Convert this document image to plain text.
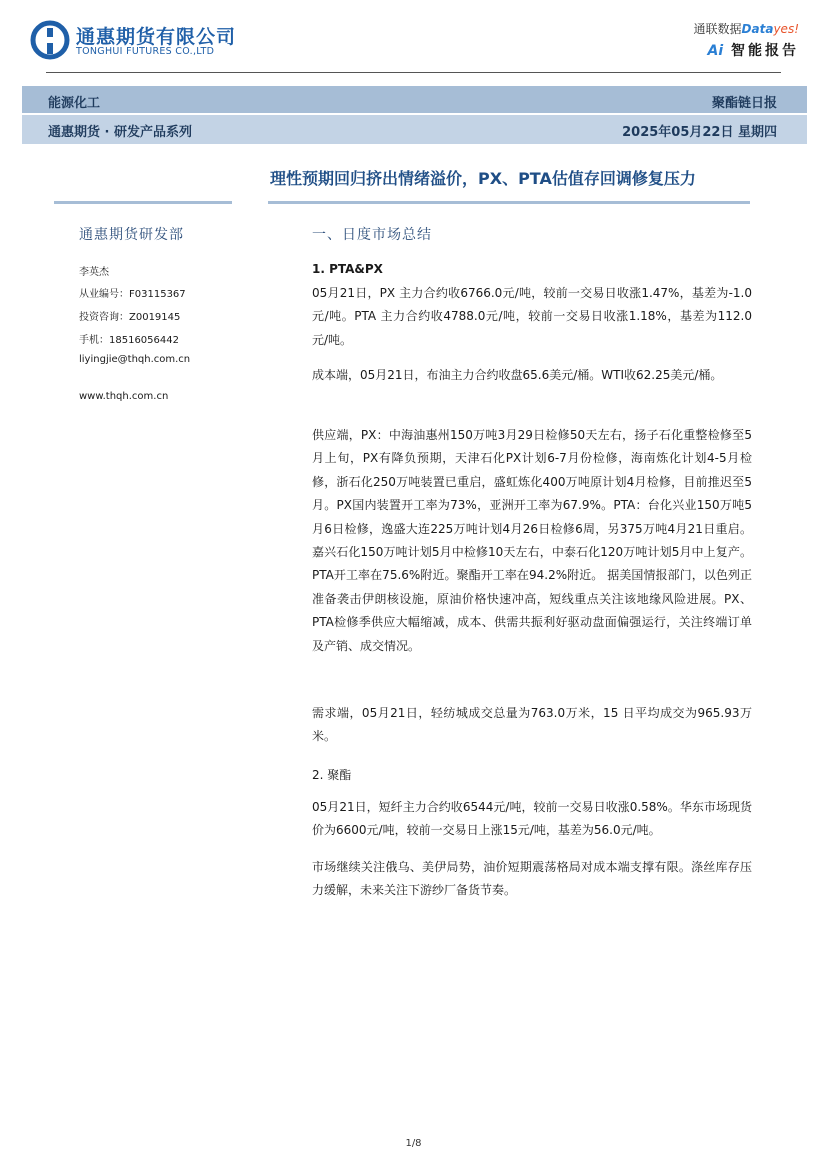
通惠期货有限公司
TONGHUI FUTURES CO.,LTD
通联数据Datayes!
Ai 智能报告
能源化工	聚酯链日报
通惠期货 · 研发产品系列	2025年05月22日 星期四
理性预期回归挤出情绪溢价，PX、PTA估值存回调修复压力
通惠期货研发部
李英杰
从业编号：F03115367
投资咨询：Z0019145
手机：18516056442
liyingjie@thqh.com.cn
www.thqh.com.cn
一、日度市场总结
1. PTA&PX
05月21日，PX 主力合约收6766.0元/吨，较前一交易日收涨1.47%，基差为-1.0元/吨。PTA 主力合约收4788.0元/吨，较前一交易日收涨1.18%，基差为112.0元/吨。
成本端，05月21日，布油主力合约收盘65.6美元/桶。WTI收62.25美元/桶。
供应端，PX：中海油惠州150万吨3月29日检修50天左右，扬子石化重整检修至5月上旬，PX有降负预期，天津石化PX计划6-7月份检修，海南炼化计划4-5月检修，浙石化250万吨装置已重启，盛虹炼化400万吨原计划4月检修，目前推迟至5月。PX国内装置开工率为73%，亚洲开工率为67.9%。PTA：台化兴业150万吨5月6日检修，逸盛大连225万吨计划4月26日检修6周，另375万吨4月21日重启。嘉兴石化150万吨计划5月中检修10天左右，中泰石化120万吨计划5月中上复产。PTA开工率在75.6%附近。聚酯开工率在94.2%附近。 据美国情报部门，以色列正准备袭击伊朗核设施，原油价格快速冲高，短线重点关注该地缘风险进展。PX、PTA检修季供应大幅缩减，成本、供需共振利好驱动盘面偏强运行，关注终端订单及产销、成交情况。
需求端，05月21日，轻纺城成交总量为763.0万米，15 日平均成交为965.93万米。
2. 聚酯
05月21日，短纤主力合约收6544元/吨，较前一交易日收涨0.58%。华东市场现货价为6600元/吨，较前一交易日上涨15元/吨，基差为56.0元/吨。
市场继续关注俄乌、美伊局势，油价短期震荡格局对成本端支撑有限。涤丝库存压力缓解，未来关注下游纱厂备货节奏。
1/8
